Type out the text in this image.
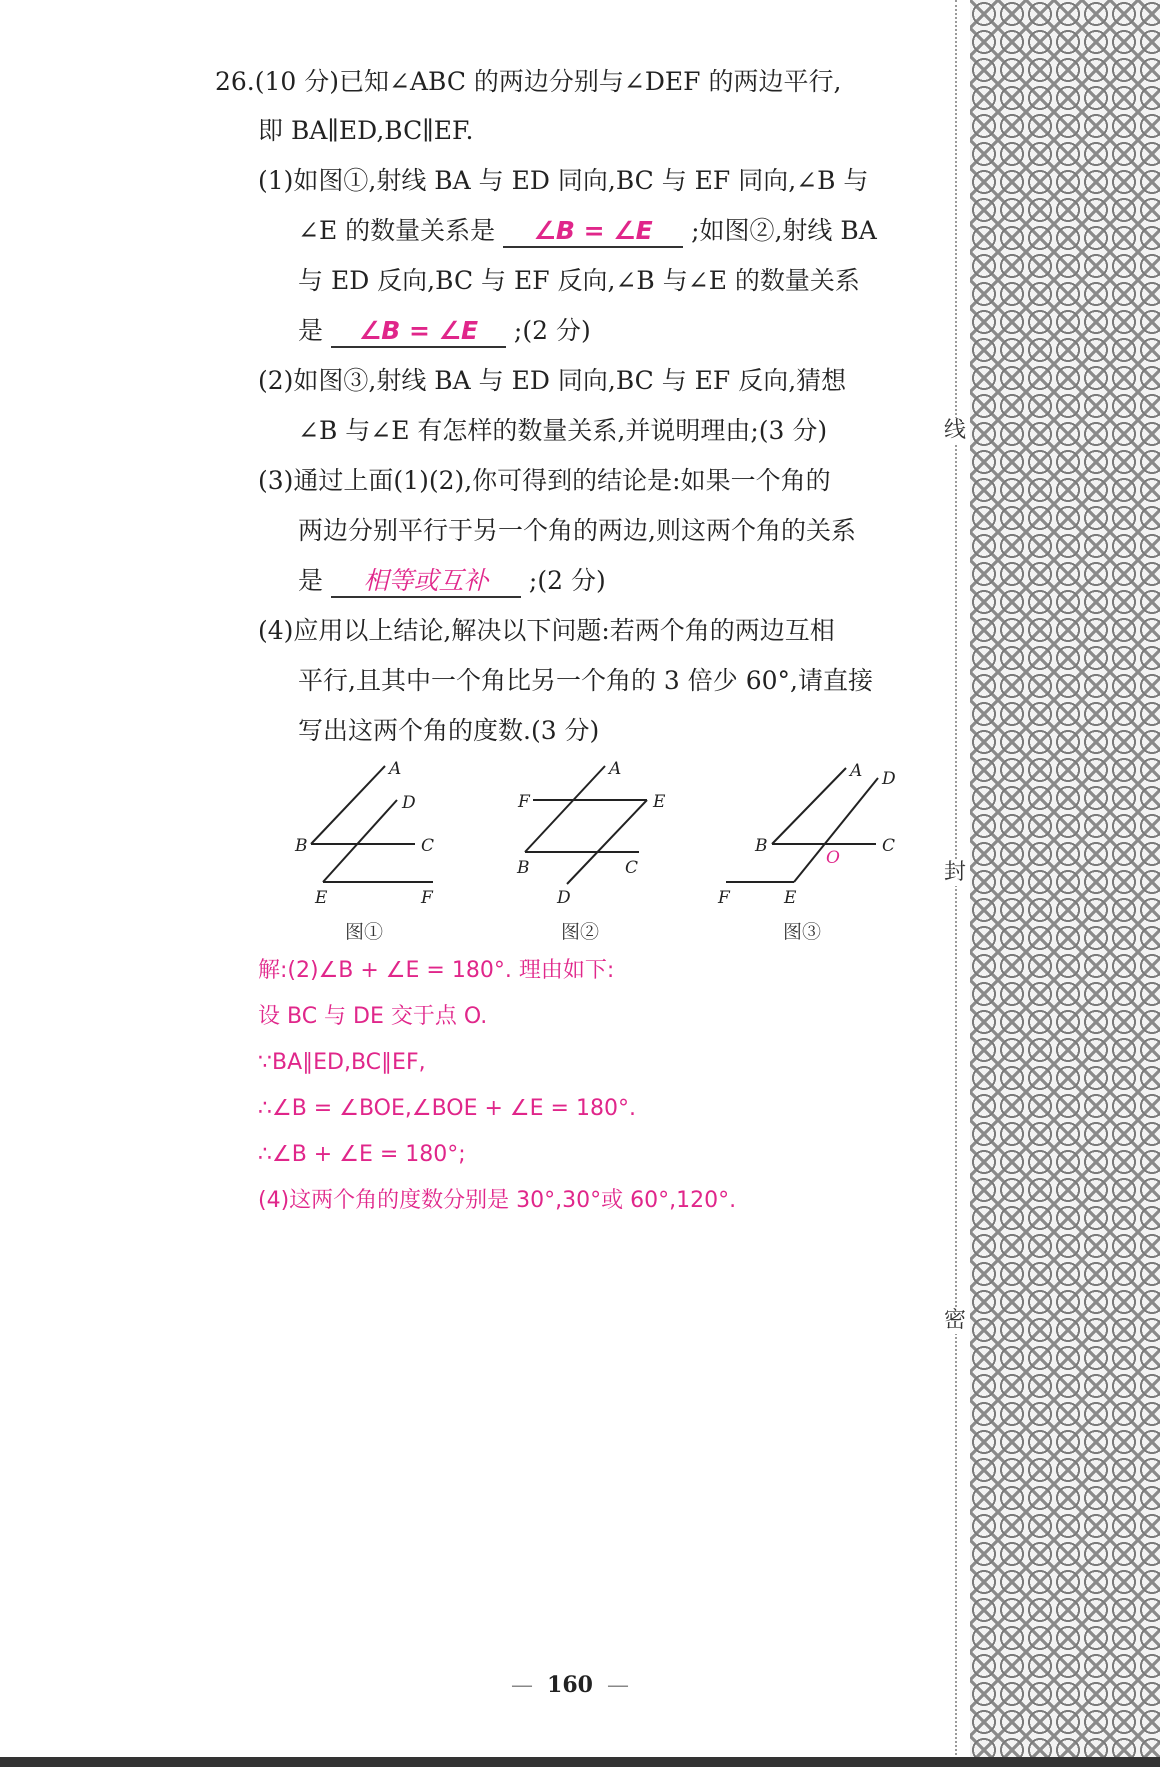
线
封
密
26.(10 分)已知∠ABC 的两边分别与∠DEF 的两边平行,
即 BA∥ED,BC∥EF.
(1)如图①,射线 BA 与 ED 同向,BC 与 EF 同向,∠B 与
∠E 的数量关系是 ∠B = ∠E ;如图②,射线 BA
与 ED 反向,BC 与 EF 反向,∠B 与∠E 的数量关系
是 ∠B = ∠E ;(2 分)
(2)如图③,射线 BA 与 ED 同向,BC 与 EF 反向,猜想
∠B 与∠E 有怎样的数量关系,并说明理由;(3 分)
(3)通过上面(1)(2),你可得到的结论是:如果一个角的
两边分别平行于另一个角的两边,则这两个角的关系
是 相等或互补 ;(2 分)
(4)应用以上结论,解决以下问题:若两个角的两边互相
平行,且其中一个角比另一个角的 3 倍少 60°,请直接
写出这两个角的度数.(3 分)
A
D
B	C
E	F
图①
A
F	E
B	C
D
图②
A D
B	C
O
F	E
图③
解:(2)∠B + ∠E = 180°. 理由如下:
设 BC 与 DE 交于点 O.
∵BA∥ED,BC∥EF,
∴∠B = ∠BOE,∠BOE + ∠E = 180°.
∴∠B + ∠E = 180°;
(4)这两个角的度数分别是 30°,30°或 60°,120°.
— 160 —
